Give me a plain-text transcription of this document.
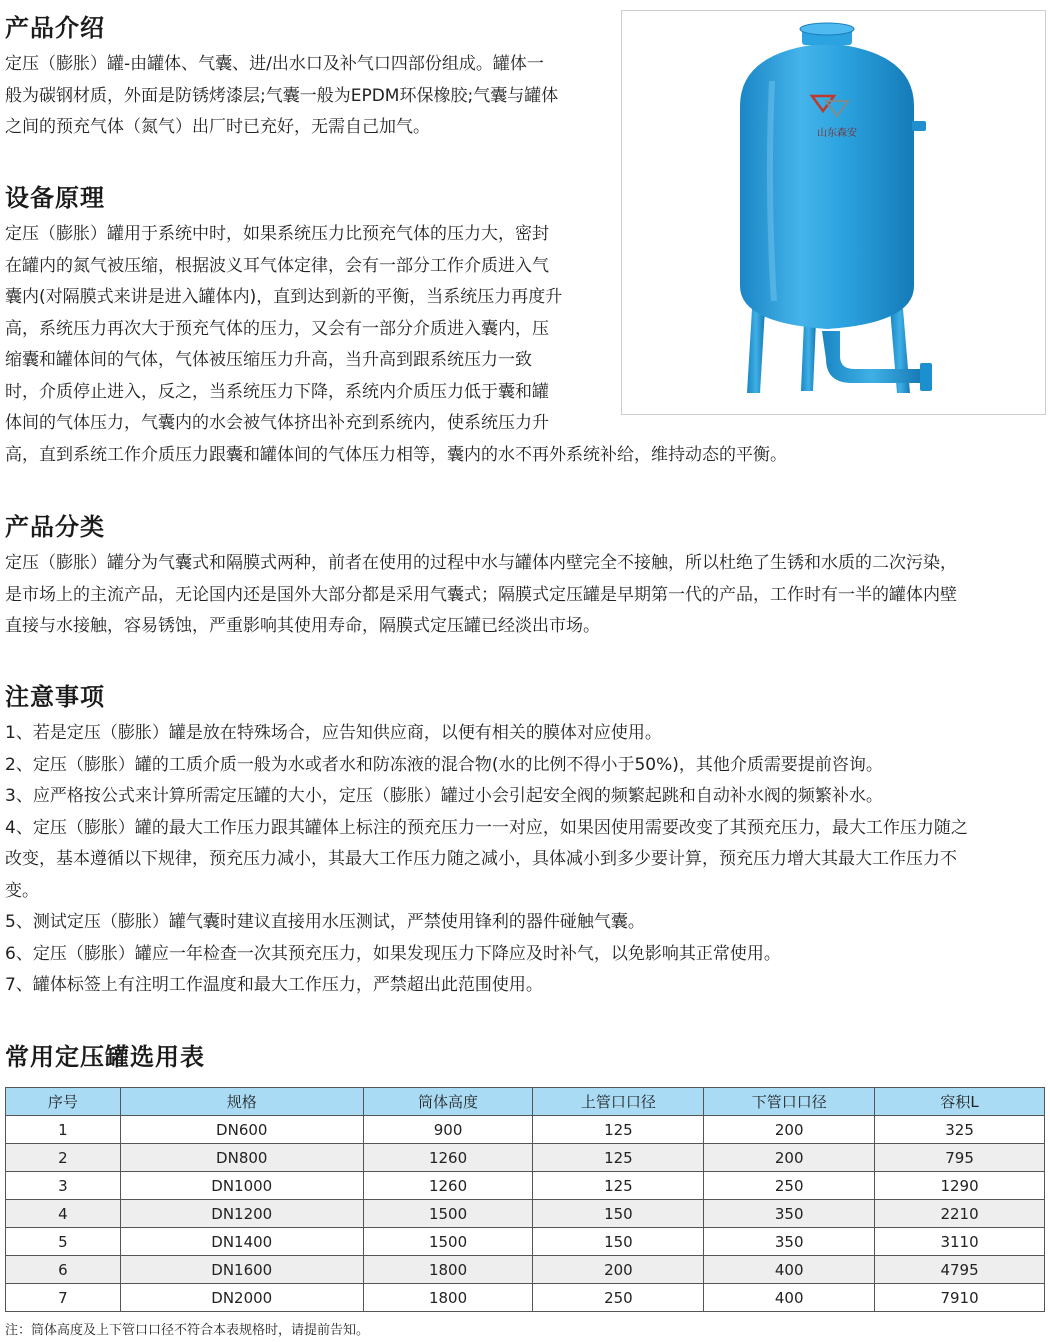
产品介绍

定压（膨胀）罐-由罐体、气囊、进/出水口及补气口四部份组成。罐体一

般为碳钢材质，外面是防锈烤漆层;气囊一般为EPDM环保橡胶;气囊与罐体

之间的预充气体（氮气）出厂时已充好，无需自己加气。

设备原理

定压（膨胀）罐用于系统中时，如果系统压力比预充气体的压力大，密封

在罐内的氮气被压缩，根据波义耳气体定律，会有一部分工作介质进入气

囊内(对隔膜式来讲是进入罐体内)，直到达到新的平衡，当系统压力再度升

高，系统压力再次大于预充气体的压力，又会有一部分介质进入囊内，压

缩囊和罐体间的气体，气体被压缩压力升高，当升高到跟系统压力一致

时，介质停止进入，反之，当系统压力下降，系统内介质压力低于囊和罐

体间的气体压力，气囊内的水会被气体挤出补充到系统内，使系统压力升

高，直到系统工作介质压力跟囊和罐体间的气体压力相等，囊内的水不再外系统补给，维持动态的平衡。

山东森安
产品分类

定压（膨胀）罐分为气囊式和隔膜式两种，前者在使用的过程中水与罐体内壁完全不接触，所以杜绝了生锈和水质的二次污染，

是市场上的主流产品，无论国内还是国外大部分都是采用气囊式；隔膜式定压罐是早期第一代的产品，工作时有一半的罐体内壁

直接与水接触，容易锈蚀，严重影响其使用寿命，隔膜式定压罐已经淡出市场。

注意事项

1、若是定压（膨胀）罐是放在特殊场合，应告知供应商，以便有相关的膜体对应使用。

2、定压（膨胀）罐的工质介质一般为水或者水和防冻液的混合物(水的比例不得小于50%)，其他介质需要提前咨询。

3、应严格按公式来计算所需定压罐的大小，定压（膨胀）罐过小会引起安全阀的频繁起跳和自动补水阀的频繁补水。

4、定压（膨胀）罐的最大工作压力跟其罐体上标注的预充压力一一对应，如果因使用需要改变了其预充压力，最大工作压力随之

改变，基本遵循以下规律，预充压力减小，其最大工作压力随之减小，具体减小到多少要计算，预充压力增大其最大工作压力不

变。

5、测试定压（膨胀）罐气囊时建议直接用水压测试，严禁使用锋利的器件碰触气囊。

6、定压（膨胀）罐应一年检查一次其预充压力，如果发现压力下降应及时补气，以免影响其正常使用。

7、罐体标签上有注明工作温度和最大工作压力，严禁超出此范围使用。

常用定压罐选用表
序号	规格	筒体高度	上管口口径	下管口口径	容积L
1	DN600	900	125	200	325
2	DN800	1260	125	200	795
3	DN1000	1260	125	250	1290
4	DN1200	1500	150	350	2210
5	DN1400	1500	150	350	3110
6	DN1600	1800	200	400	4795
7	DN2000	1800	250	400	7910

注：筒体高度及上下管口口径不符合本表规格时，请提前告知。
